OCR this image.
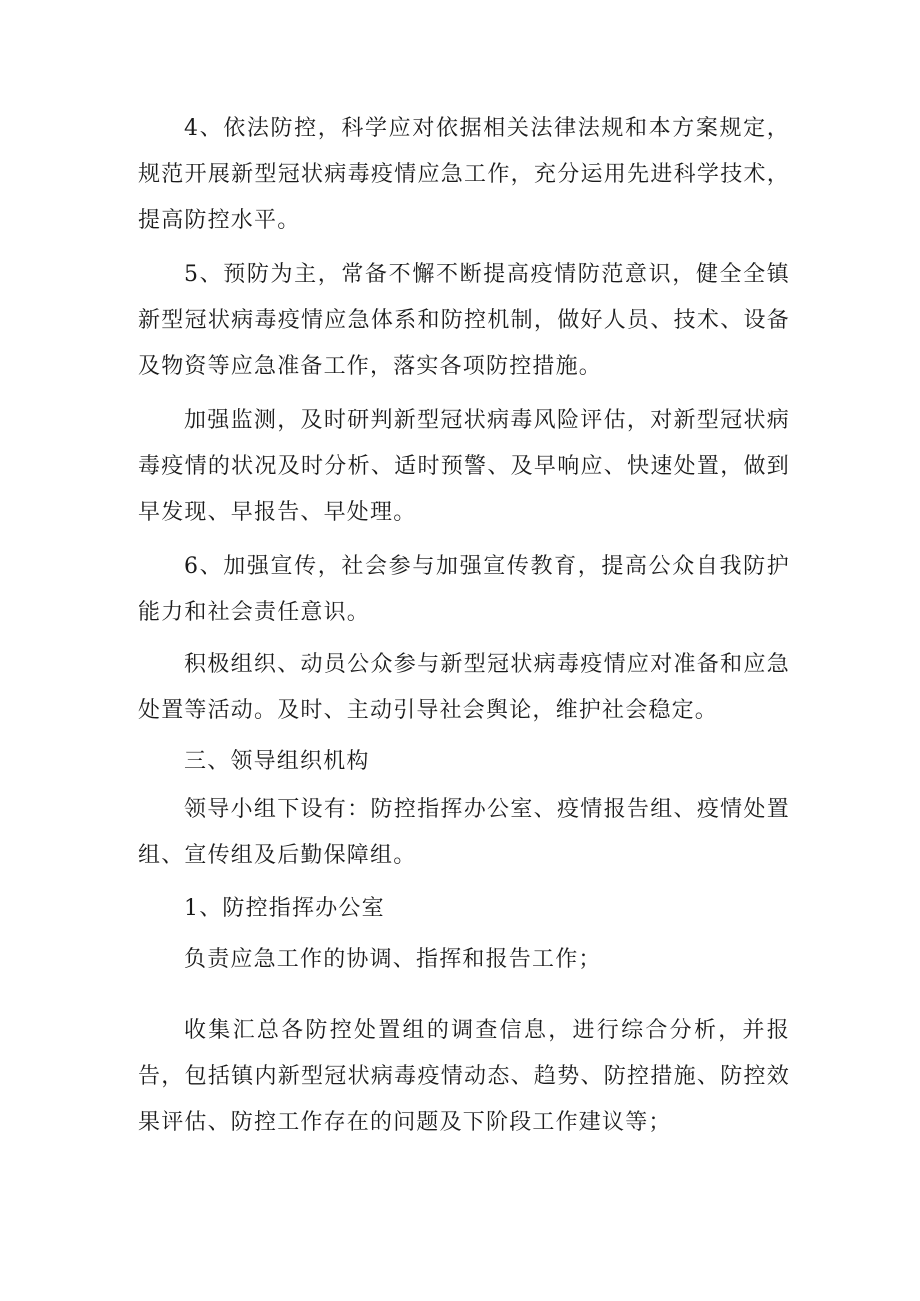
4、依法防控，科学应对依据相关法律法规和本方案规定，规范开展新型冠状病毒疫情应急工作，充分运用先进科学技术，提高防控水平。

5、预防为主，常备不懈不断提高疫情防范意识，健全全镇新型冠状病毒疫情应急体系和防控机制，做好人员、技术、设备及物资等应急准备工作，落实各项防控措施。

加强监测，及时研判新型冠状病毒风险评估，对新型冠状病毒疫情的状况及时分析、适时预警、及早响应、快速处置，做到早发现、早报告、早处理。

6、加强宣传，社会参与加强宣传教育，提高公众自我防护能力和社会责任意识。

积极组织、动员公众参与新型冠状病毒疫情应对准备和应急处置等活动。及时、主动引导社会舆论，维护社会稳定。

三、领导组织机构

领导小组下设有：防控指挥办公室、疫情报告组、疫情处置组、宣传组及后勤保障组。

1、防控指挥办公室

负责应急工作的协调、指挥和报告工作；

收集汇总各防控处置组的调查信息，进行综合分析，并报告，包括镇内新型冠状病毒疫情动态、趋势、防控措施、防控效果评估、防控工作存在的问题及下阶段工作建议等；
